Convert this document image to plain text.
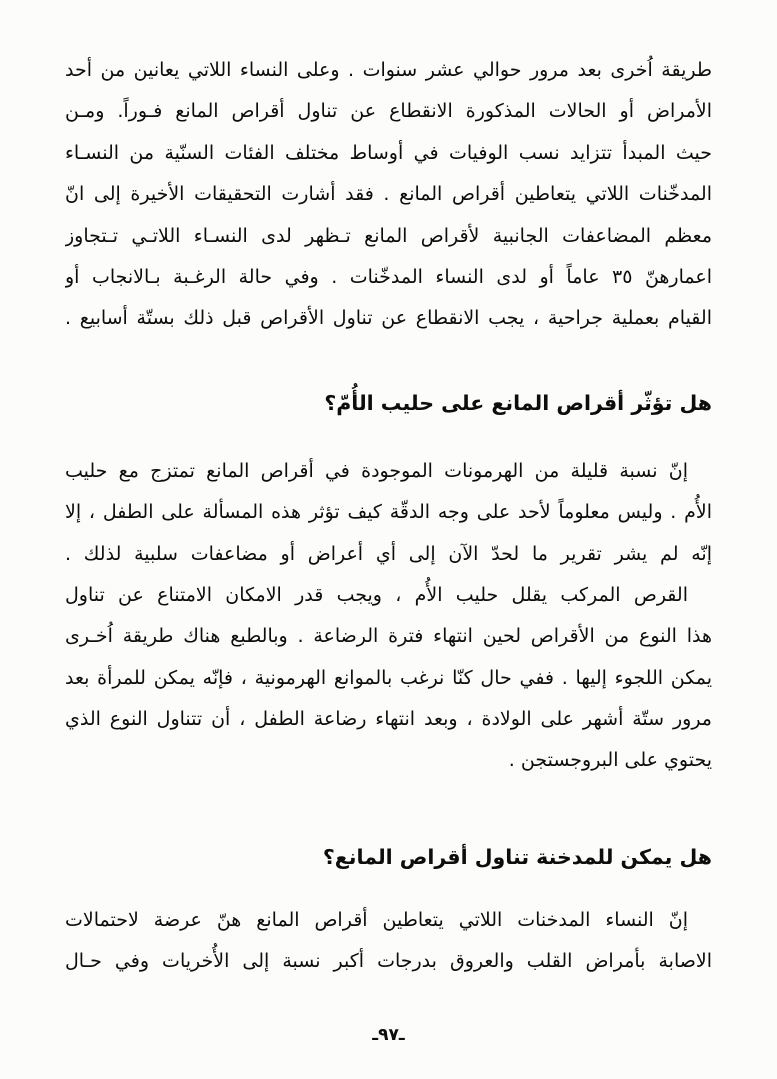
طريقة اُخرى بعد مرور حوالي عشر سنوات . وعلى النساء اللاتي يعانين من أحد
الأمراض أو الحالات المذكورة الانقطاع عن تناول أقراص المانع فـوراً. ومـن
حيث المبدأ تتزايد نسب الوفيات في أوساط مختلف الفئات السنّية من النسـاء
المدخّنات اللاتي يتعاطين أقراص المانع . فقد أشارت التحقيقات الأخيرة إلى انّ
معظم المضاعفات الجانبية لأقراص المانع تـظهر لدى النسـاء اللاتـي تـتجاوز
اعمارهنّ ٣٥ عاماً أو لدى النساء المدخّنات . وفي حالة الرغـبة بـالانجاب أو
القيام بعملية جراحية ، يجب الانقطاع عن تناول الأقراص قبل ذلك بستّة أسابيع .
هل تؤثّر أقراص المانع على حليب الأُمّ؟
إنّ نسبة قليلة من الهرمونات الموجودة في أقراص المانع تمتزج مع حليب
الأُم . وليس معلوماً لأحد على وجه الدقّة كيف تؤثر هذه المسألة على الطفل ، إلا
إنّه لم يشر تقرير ما لحدّ الآن إلى أي أعراض أو مضاعفات سلبية لذلك .
القرص المركب يقلل حليب الأُم ، ويجب قدر الامكان الامتناع عن تناول
هذا النوع من الأقراص لحين انتهاء فترة الرضاعة . وبالطبع هناك طريقة اُخـرى
يمكن اللجوء إليها . ففي حال كنّا نرغب بالموانع الهرمونية ، فإنّه يمكن للمرأة بعد
مرور ستّة أشهر على الولادة ، وبعد انتهاء رضاعة الطفل ، أن تتناول النوع الذي
يحتوي على البروجستجن .
هل يمكن للمدخنة تناول أقراص المانع؟
إنّ النساء المدخنات اللاتي يتعاطين أقراص المانع هنّ عرضة لاحتمالات
الاصابة بأمراض القلب والعروق بدرجات أكبر نسبة إلى الأُخريات وفي حـال
ـ٩٧ـ
